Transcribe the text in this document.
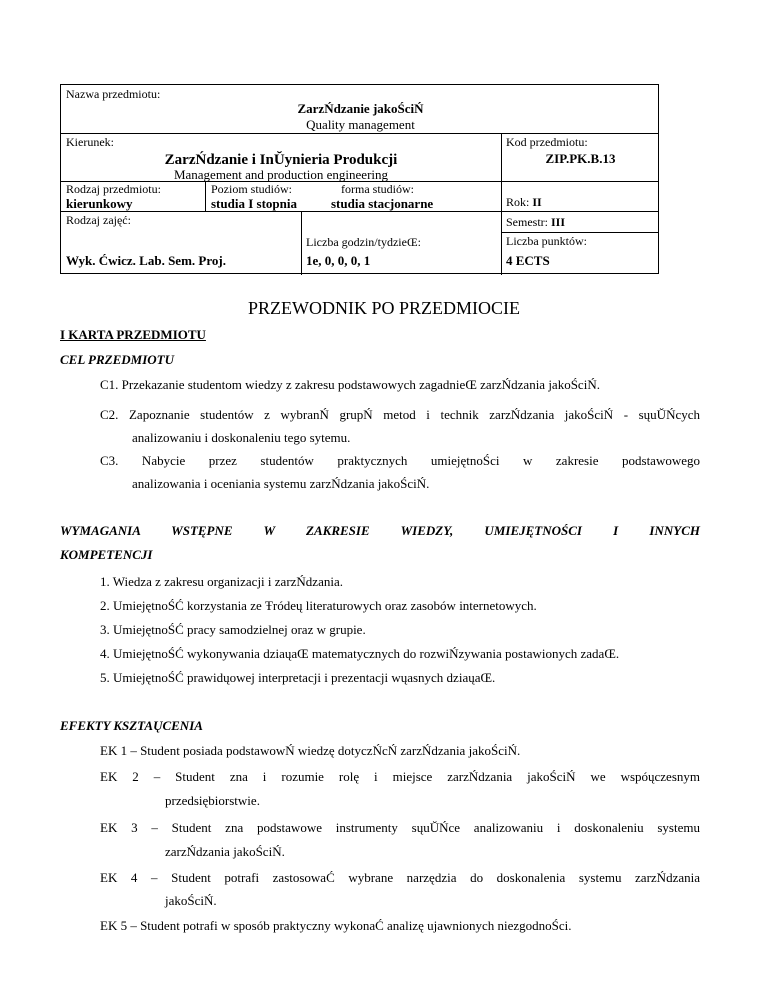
Nazwa przedmiotu:
ZarzŃdzanie jakoŚciŃ
Quality management
Kierunek:
ZarzŃdzanie i InŬynieria Produkcji
Management and production engineering
Kod przedmiotu:
ZIP.PK.B.13
Rodzaj przedmiotu:
kierunkowy
Poziom studiów:
studia I stopnia
forma studiów:
studia stacjonarne	Rok: II
Semestr: III
Rodzaj zajęć:
Wyk. Ćwicz. Lab. Sem. Proj.
Liczba godzin/tydzieŒ:
1e, 0, 0, 0, 1
Liczba punktów:
4 ECTS
PRZEWODNIK PO PRZEDMIOCIE
I KARTA PRZEDMIOTU
CEL PRZEDMIOTU
C1. Przekazanie studentom wiedzy z zakresu podstawowych zagadnieŒ zarzŃdzania jakoŚciŃ.
C2. Zapoznanie studentów z wybranŃ grupŃ metod i technik zarzŃdzania jakoŚciŃ - sųuŬŃcych
analizowaniu i doskonaleniu tego sytemu.
C3. Nabycie przez studentów praktycznych umiejętnoŚci w zakresie podstawowego
analizowania i oceniania systemu zarzŃdzania jakoŚciŃ.
WYMAGANIA WSTĘPNE W ZAKRESIE WIEDZY, UMIEJĘTNOŚCI I INNYCH
KOMPETENCJI
1. Wiedza z zakresu organizacji i zarzŃdzania.
2. UmiejętnoŚĆ korzystania ze Ŧródeų literaturowych oraz zasobów internetowych.
3. UmiejętnoŚĆ pracy samodzielnej oraz w grupie.
4. UmiejętnoŚĆ wykonywania dziaųaŒ matematycznych do rozwiŃzywania postawionych zadaŒ.
5. UmiejętnoŚĆ prawidųowej interpretacji i prezentacji wųasnych dziaųaŒ.
EFEKTY KSZTAŲCENIA
EK 1 – Student posiada podstawowŃ wiedzę dotyczŃcŃ zarzŃdzania jakoŚciŃ.
EK 2 – Student zna i rozumie rolę i miejsce zarzŃdzania jakoŚciŃ we wspóųczesnym
przedsiębiorstwie.
EK 3 – Student zna podstawowe instrumenty sųuŬŃce analizowaniu i doskonaleniu systemu
zarzŃdzania jakoŚciŃ.
EK 4 – Student potrafi zastosowaĆ wybrane narzędzia do doskonalenia systemu zarzŃdzania
jakoŚciŃ.
EK 5 – Student potrafi w sposób praktyczny wykonaĆ analizę ujawnionych niezgodnoŚci.
